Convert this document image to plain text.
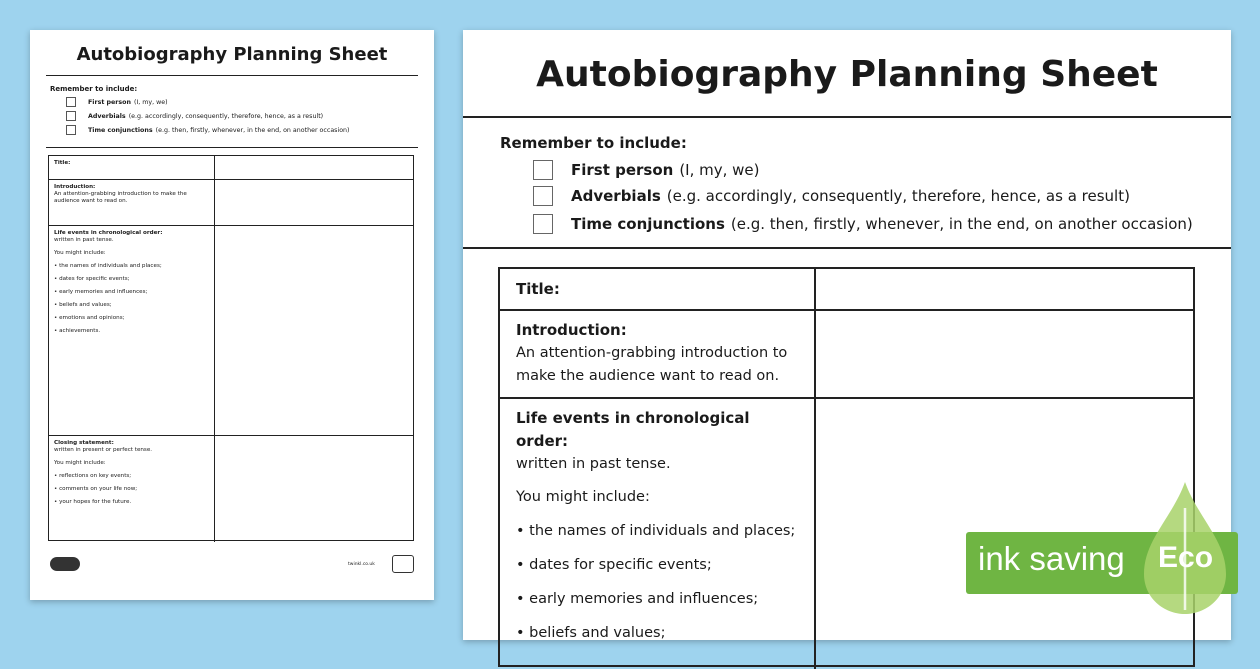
Autobiography Planning Sheet
Remember to include:
First person (I, my, we)
Adverbials (e.g. accordingly, consequently, therefore, hence, as a result)
Time conjunctions (e.g. then, firstly, whenever, in the end, on another occasion)
Title:
Introduction:
An attention-grabbing introduction to make the audience want to read on.
Life events in chronological order:
written in past tense.
You might include:
• the names of individuals and places;
• dates for specific events;
• early memories and influences;
• beliefs and values;
• emotions and opinions;
• achievements.
Closing statement:
written in present or perfect tense.
You might include:
• reflections on key events;
• comments on your life now;
• your hopes for the future.
twinkl.co.uk
Autobiography Planning Sheet
Remember to include:
First person (I, my, we)
Adverbials (e.g. accordingly, consequently, therefore, hence, as a result)
Time conjunctions (e.g. then, firstly, whenever, in the end, on another occasion)
Title:
Introduction:
An attention-grabbing introduction to make the audience want to read on.
Life events in chronological order:
written in past tense.
You might include:
• the names of individuals and places;
• dates for specific events;
• early memories and influences;
• beliefs and values;
ink saving Eco
